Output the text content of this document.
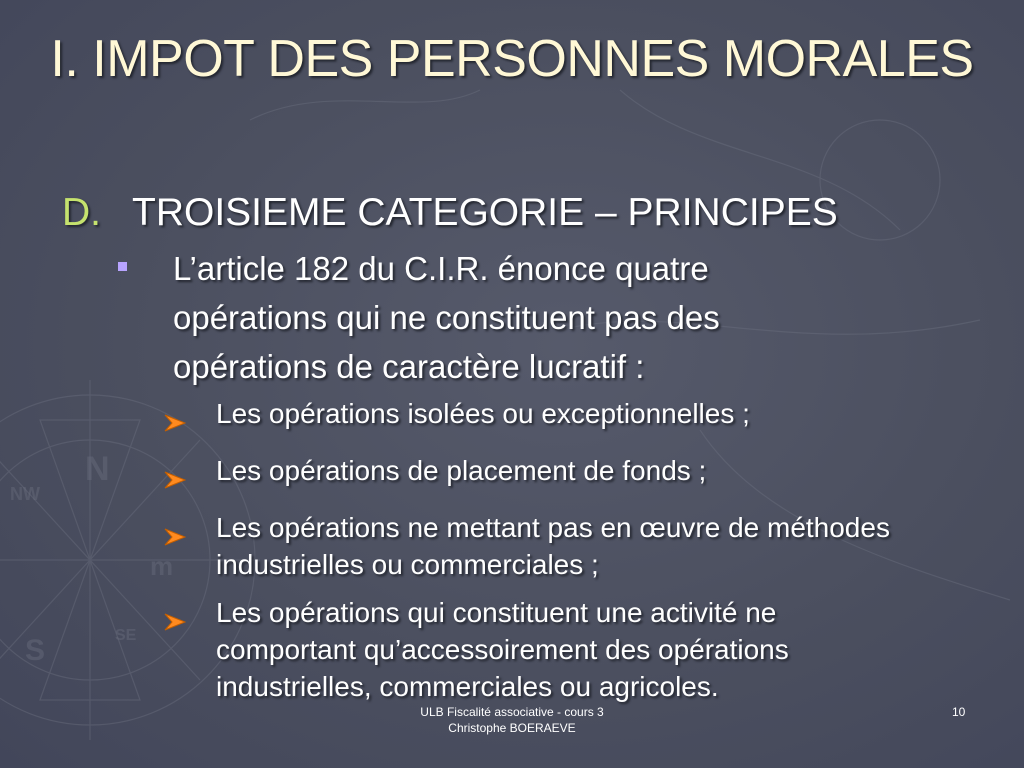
N
S
m
NW
SE
I. IMPOT DES PERSONNES MORALES
D. TROISIEME CATEGORIE – PRINCIPES
L’article 182 du C.I.R. énonce quatre opérations qui ne constituent pas des opérations de caractère lucratif :
Les opérations isolées ou exceptionnelles ;
Les opérations de placement de fonds ;
Les opérations ne mettant pas en œuvre de méthodes industrielles ou commerciales ;
Les opérations qui constituent une activité ne comportant qu’accessoirement des opérations industrielles, commerciales ou agricoles.
ULB Fiscalité associative - cours 3
Christophe BOERAEVE
10
